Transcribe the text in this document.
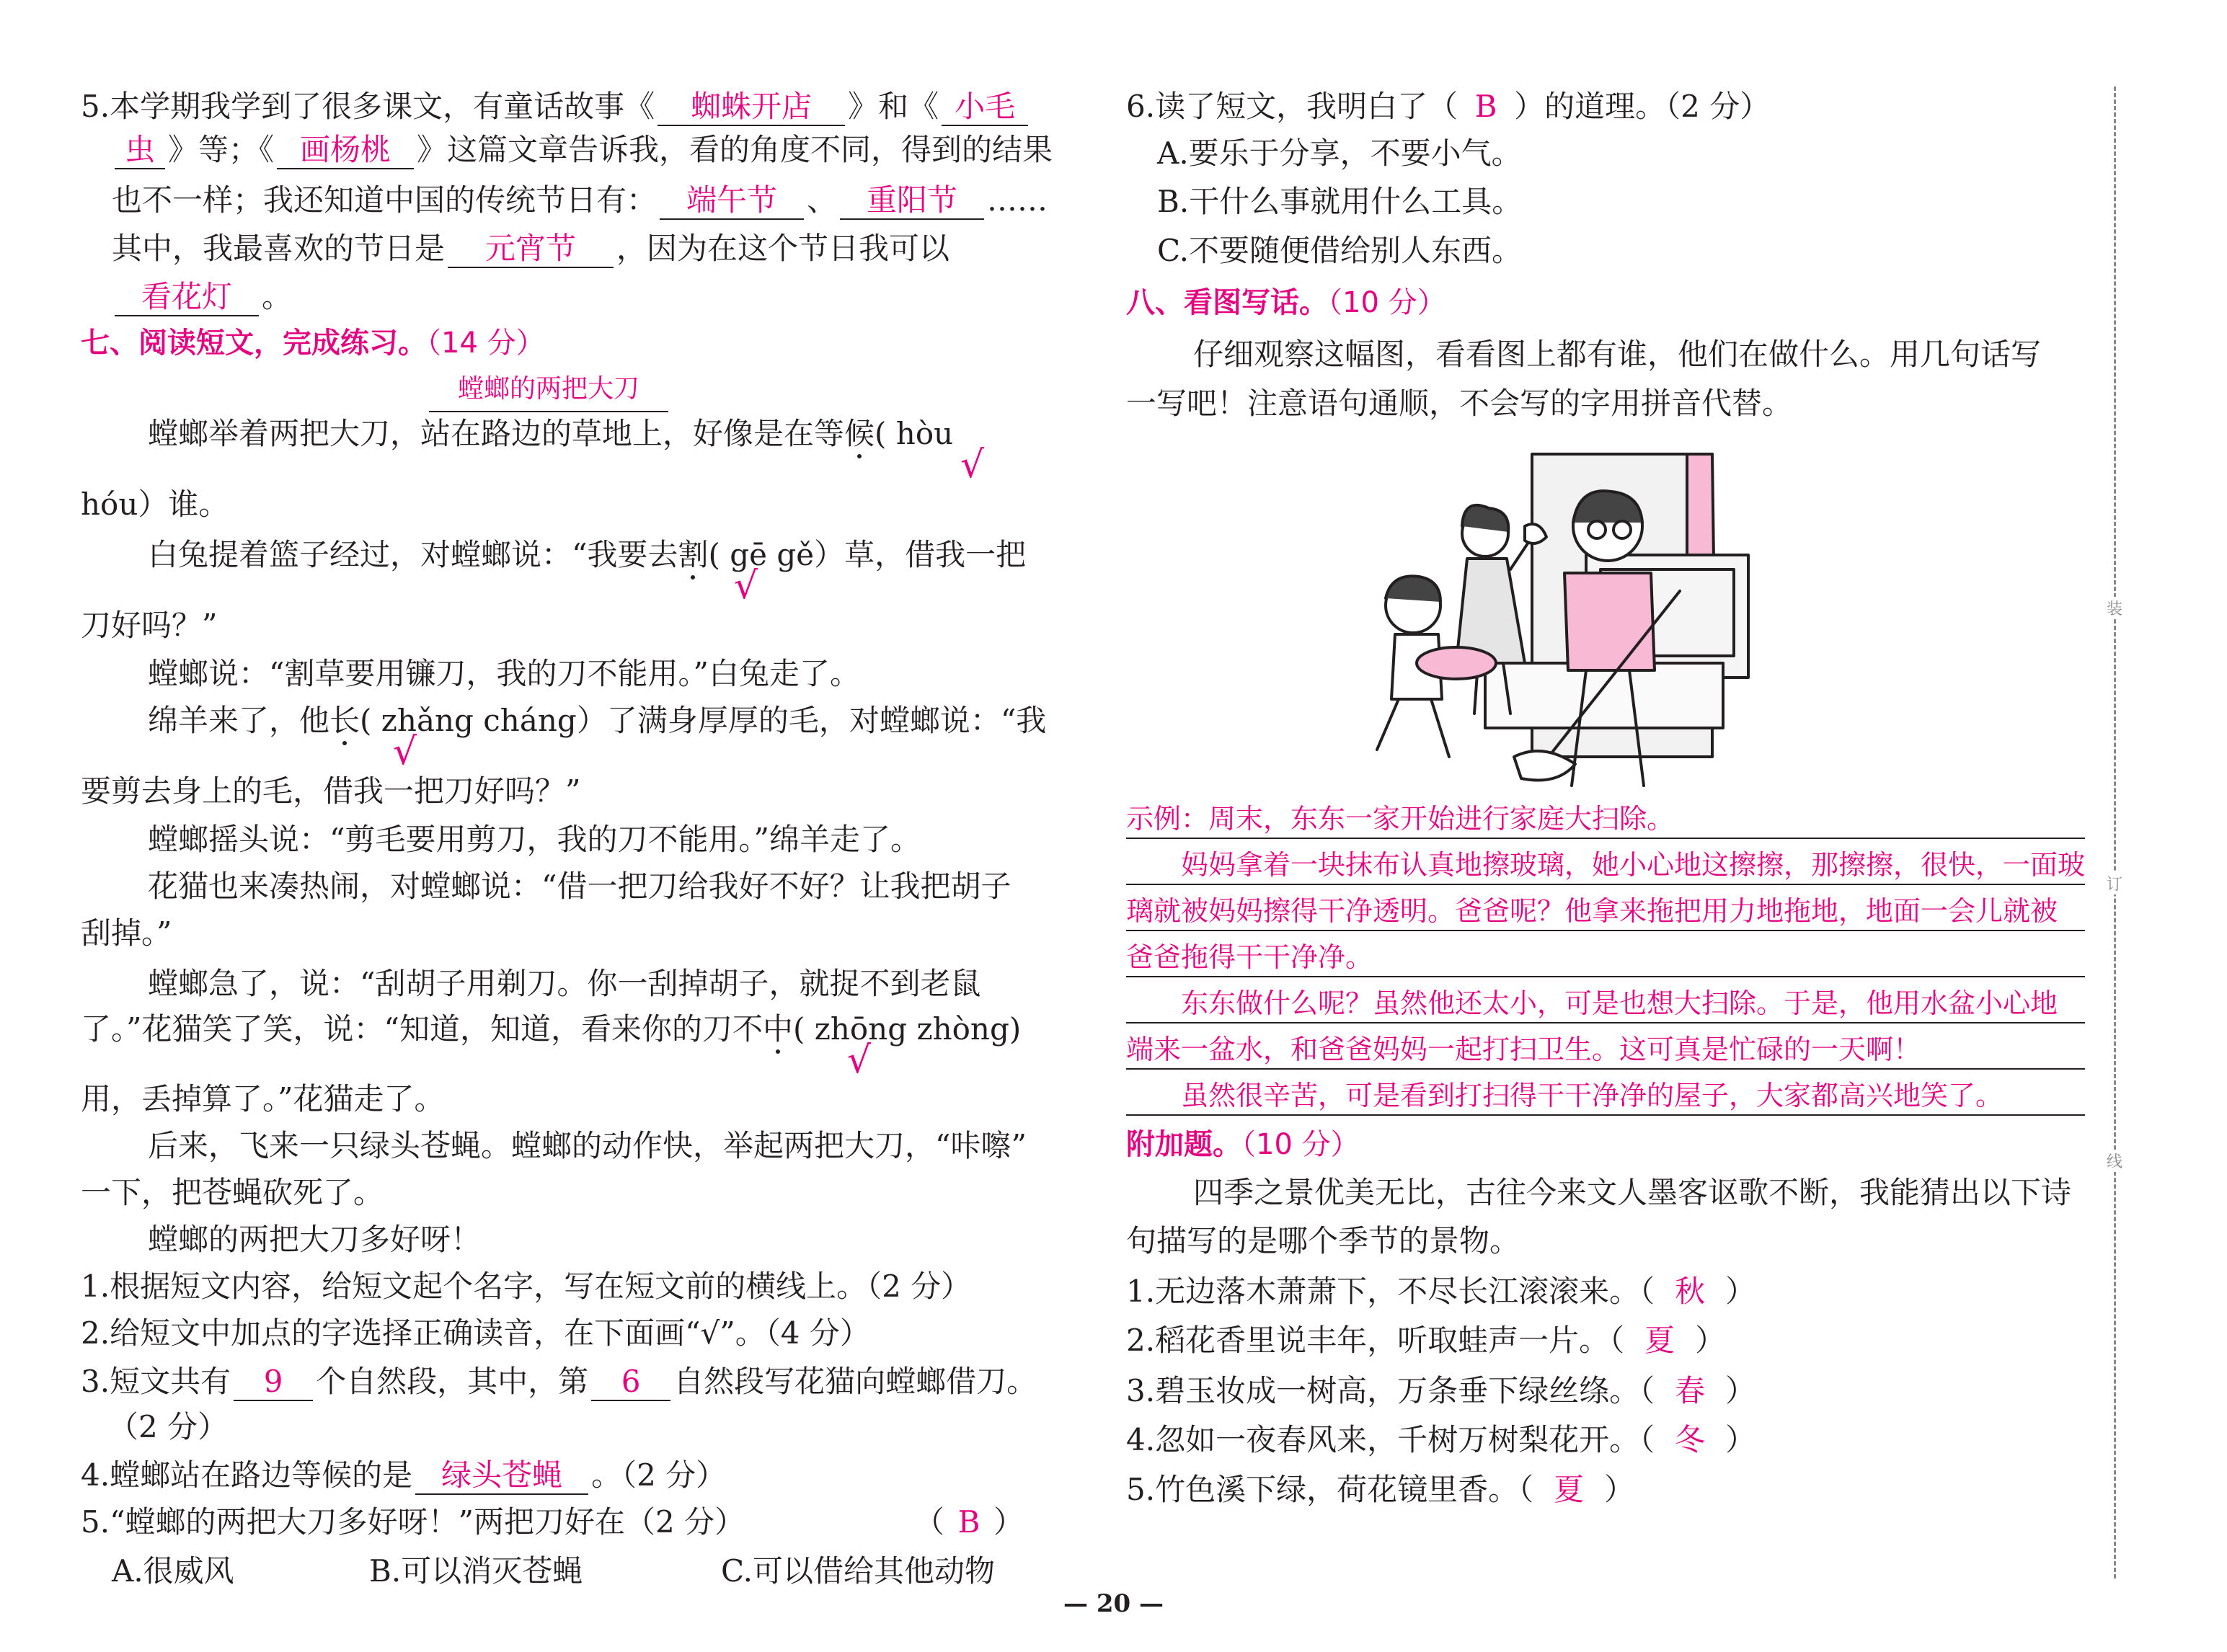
5.本学期我学到了很多课文，有童话故事《 蜘蛛开店 》和《 小毛
虫 》等；《 画杨桃 》这篇文章告诉我，看的角度不同，得到的结果
也不一样；我还知道中国的传统节日有： 端午节 、 重阳节 ……
其中，我最喜欢的节日是 元宵节 ，因为在这个节日我可以
看花灯 。
七、阅读短文，完成练习。（14 分）
螳螂的两把大刀
螳螂举着两把大刀，站在路边的草地上，好像是在等候( hòu
√
hóu）谁。
白兔提着篮子经过，对螳螂说：“我要去割( gē gě）草，借我一把
√
刀好吗？”
螳螂说：“割草要用镰刀，我的刀不能用。”白兔走了。
绵羊来了，他长( zhǎng cháng）了满身厚厚的毛，对螳螂说：“我
√
要剪去身上的毛，借我一把刀好吗？”
螳螂摇头说：“剪毛要用剪刀，我的刀不能用。”绵羊走了。
花猫也来凑热闹，对螳螂说：“借一把刀给我好不好？让我把胡子
刮掉。”
螳螂急了，说：“刮胡子用剃刀。你一刮掉胡子，就捉不到老鼠
了。”花猫笑了笑，说：“知道，知道，看来你的刀不中( zhōng zhòng)
√
用，丢掉算了。”花猫走了。
后来，飞来一只绿头苍蝇。螳螂的动作快，举起两把大刀，“咔嚓”
一下，把苍蝇砍死了。
螳螂的两把大刀多好呀！
1.根据短文内容，给短文起个名字，写在短文前的横线上。（2 分）
2.给短文中加点的字选择正确读音，在下面画“√”。（4 分）
3.短文共有 9 个自然段，其中，第 6 自然段写花猫向螳螂借刀。
（2 分）
4.螳螂站在路边等候的是 绿头苍蝇 。（2 分）
5.“螳螂的两把大刀多好呀！”两把刀好在（2 分）	（ B ）
A.很威风	B.可以消灭苍蝇	C.可以借给其他动物
6.读了短文，我明白了（ B ）的道理。（2 分）
A.要乐于分享，不要小气。
B.干什么事就用什么工具。
C.不要随便借给别人东西。
八、看图写话。（10 分）
仔细观察这幅图，看看图上都有谁，他们在做什么。用几句话写
一写吧！注意语句通顺，不会写的字用拼音代替。
示例：周末，东东一家开始进行家庭大扫除。
　　妈妈拿着一块抹布认真地擦玻璃，她小心地这擦擦，那擦擦，很快，一面玻
璃就被妈妈擦得干净透明。爸爸呢？他拿来拖把用力地拖地，地面一会儿就被
爸爸拖得干干净净。
　　东东做什么呢？虽然他还太小，可是也想大扫除。于是，他用水盆小心地
端来一盆水，和爸爸妈妈一起打扫卫生。这可真是忙碌的一天啊！
　　虽然很辛苦，可是看到打扫得干干净净的屋子，大家都高兴地笑了。
附加题。（10 分）
四季之景优美无比，古往今来文人墨客讴歌不断，我能猜出以下诗
句描写的是哪个季节的景物。
1.无边落木萧萧下，不尽长江滚滚来。（ 秋 ）
2.稻花香里说丰年，听取蛙声一片。（ 夏 ）
3.碧玉妆成一树高，万条垂下绿丝绦。（ 春 ）
4.忽如一夜春风来，千树万树梨花开。（ 冬 ）
5.竹色溪下绿，荷花镜里香。（ 夏 ）
装
订
线
— 20 —
